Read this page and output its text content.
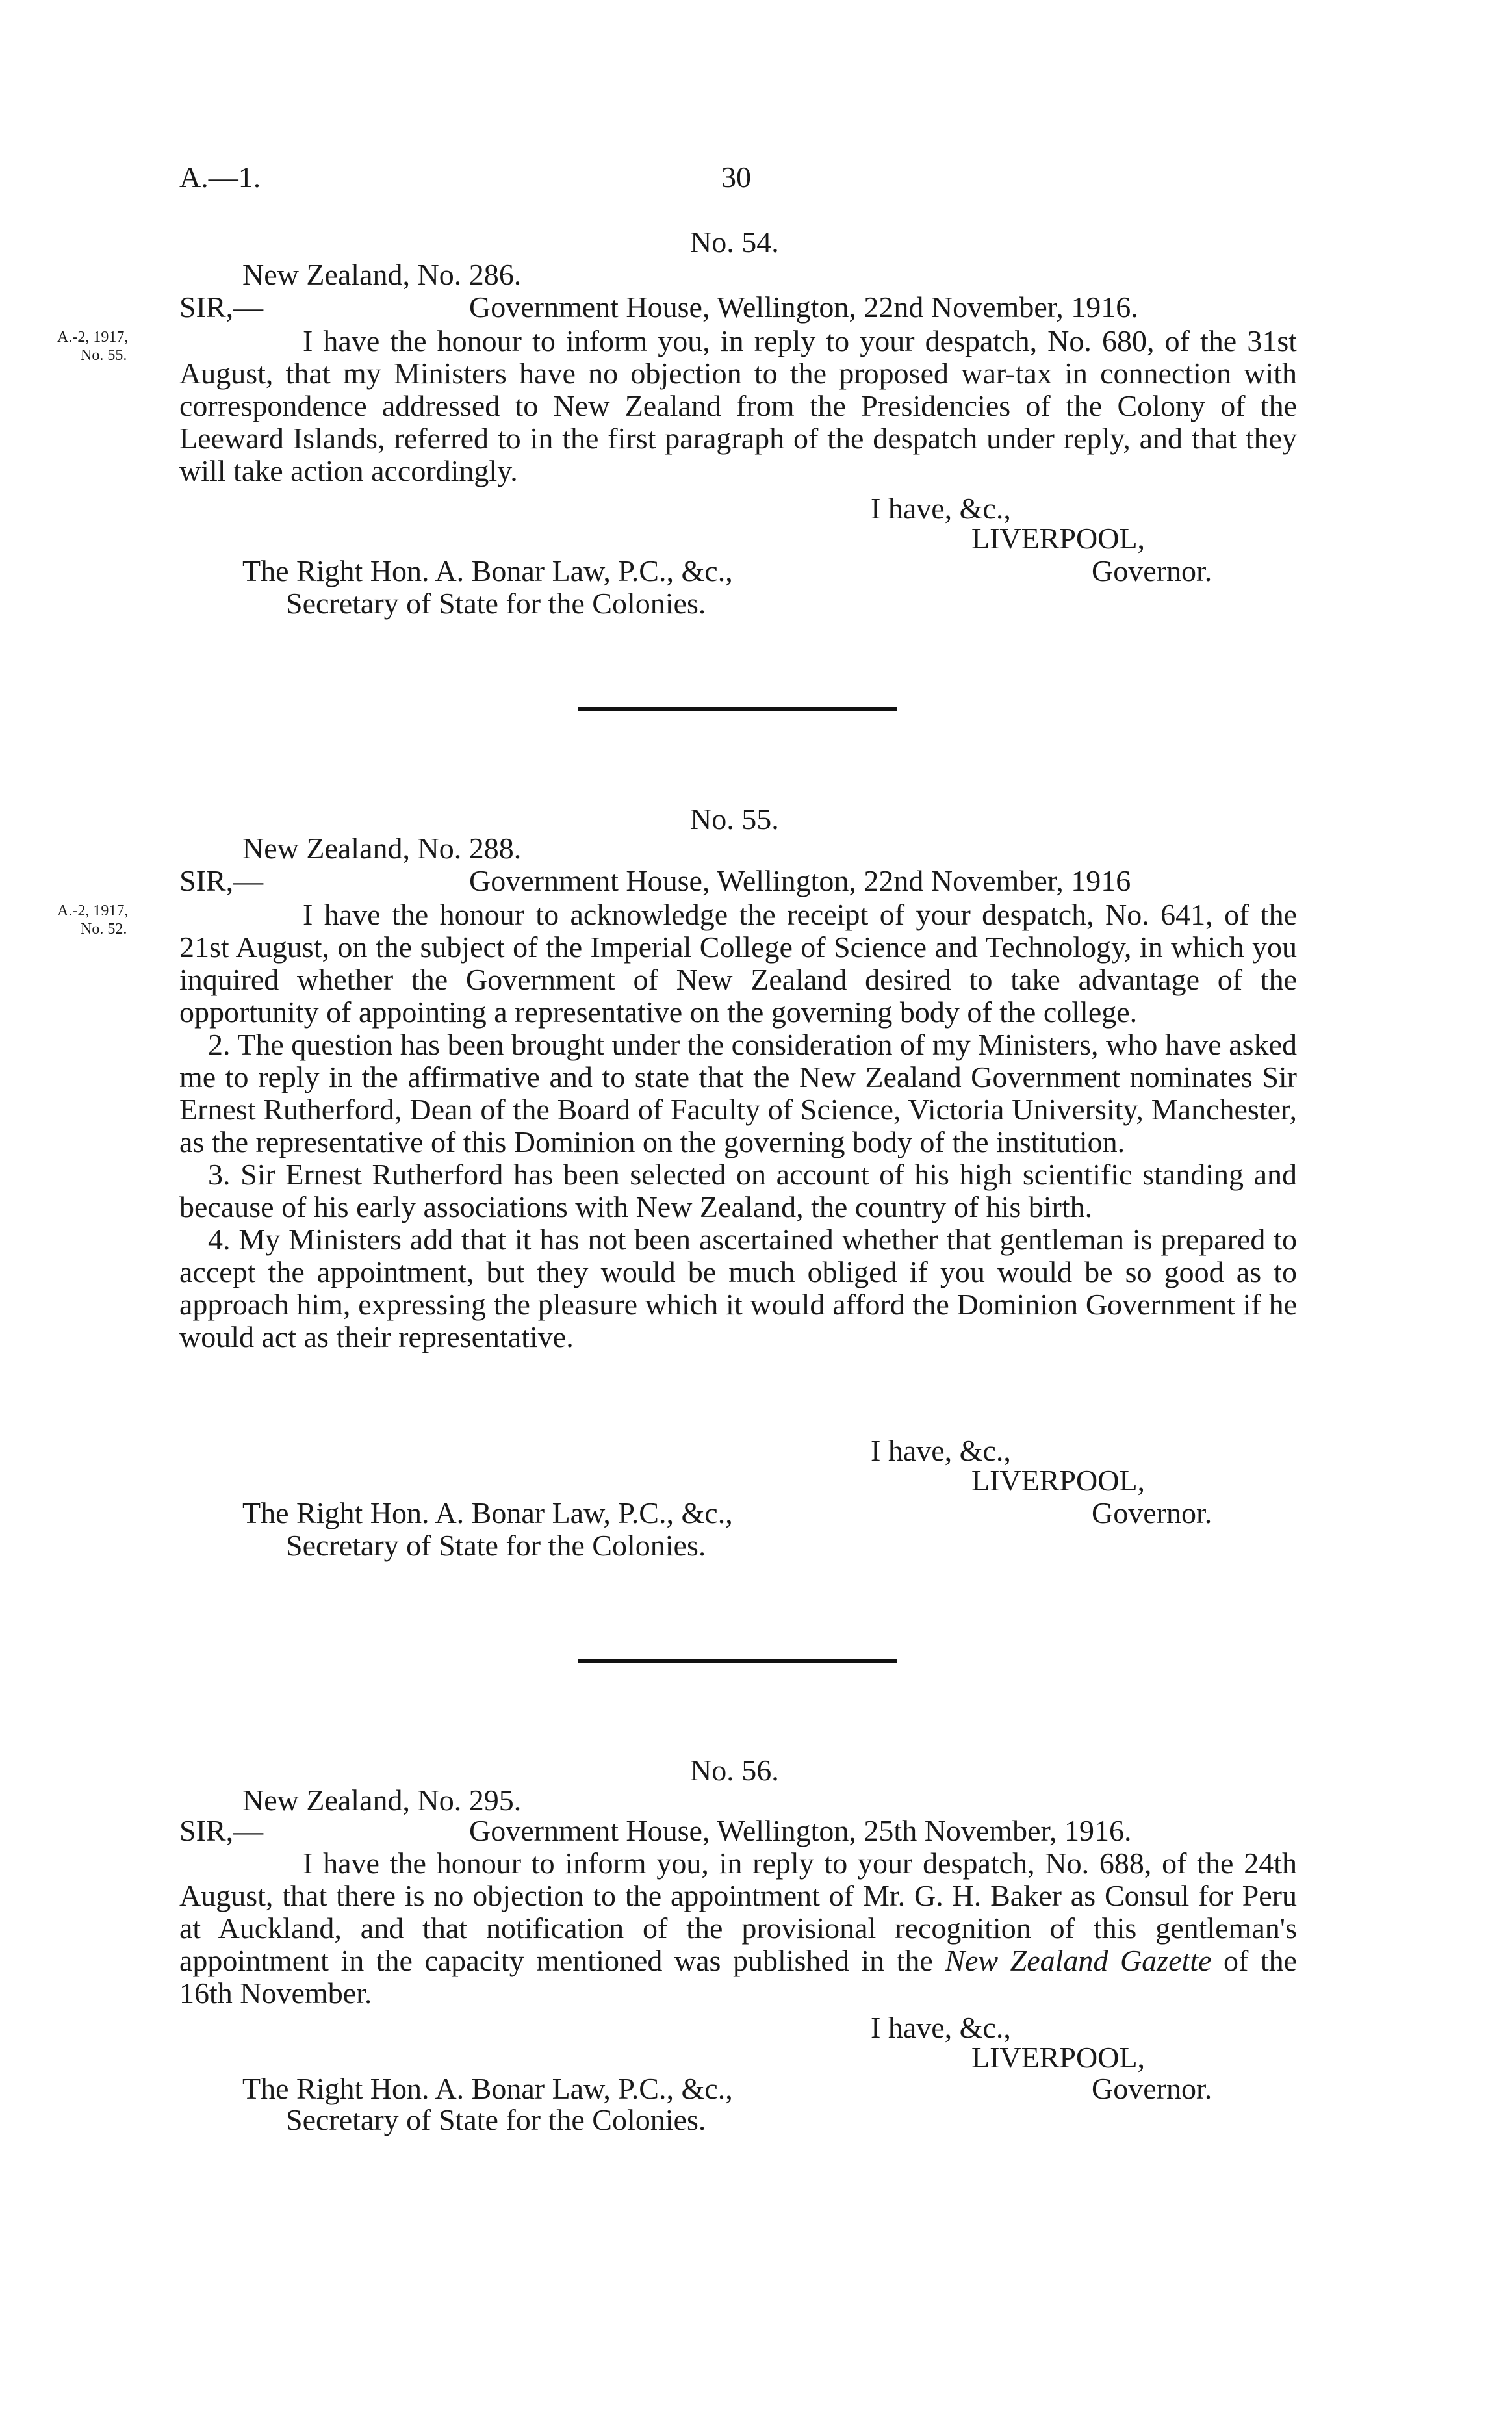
A.—1.	30
No. 54.
New Zealand, No. 286.
SIR,—	Government House, Wellington, 22nd November, 1916.
A.-2, 1917,
No. 55.	I have the honour to inform you, in reply to your despatch, No. 680, of the 31st August, that my Ministers have no objection to the proposed war-tax in connection with correspondence addressed to New Zealand from the Presidencies of the Colony of the Leeward Islands, referred to in the first paragraph of the despatch under reply, and that they will take action accordingly.

I have, &c.,
LIVERPOOL,
The Right Hon. A. Bonar Law, P.C., &c.,	Governor.
Secretary of State for the Colonies.
No. 55.
New Zealand, No. 288.
SIR,—	Government House, Wellington, 22nd November, 1916
A.-2, 1917,
No. 52.	I have the honour to acknowledge the receipt of your despatch, No. 641, of the 21st August, on the subject of the Imperial College of Science and Technology, in which you inquired whether the Government of New Zealand desired to take advantage of the opportunity of appointing a representative on the governing body of the college.

2. The question has been brought under the consideration of my Ministers, who have asked me to reply in the affirmative and to state that the New Zealand Government nominates Sir Ernest Rutherford, Dean of the Board of Faculty of Science, Victoria University, Manchester, as the representative of this Dominion on the governing body of the institution.

3. Sir Ernest Rutherford has been selected on account of his high scientific standing and because of his early associations with New Zealand, the country of his birth.

4. My Ministers add that it has not been ascertained whether that gentleman is prepared to accept the appointment, but they would be much obliged if you would be so good as to approach him, expressing the pleasure which it would afford the Dominion Government if he would act as their representative.

I have, &c.,
LIVERPOOL,
The Right Hon. A. Bonar Law, P.C., &c.,	Governor.
Secretary of State for the Colonies.
No. 56.
New Zealand, No. 295.
SIR,—	Government House, Wellington, 25th November, 1916.

I have the honour to inform you, in reply to your despatch, No. 688, of the 24th August, that there is no objection to the appointment of Mr. G. H. Baker as Consul for Peru at Auckland, and that notification of the provisional recognition of this gentleman's appointment in the capacity mentioned was published in the New Zealand Gazette of the 16th November.

I have, &c.,
LIVERPOOL,
The Right Hon. A. Bonar Law, P.C., &c.,	Governor.
Secretary of State for the Colonies.
